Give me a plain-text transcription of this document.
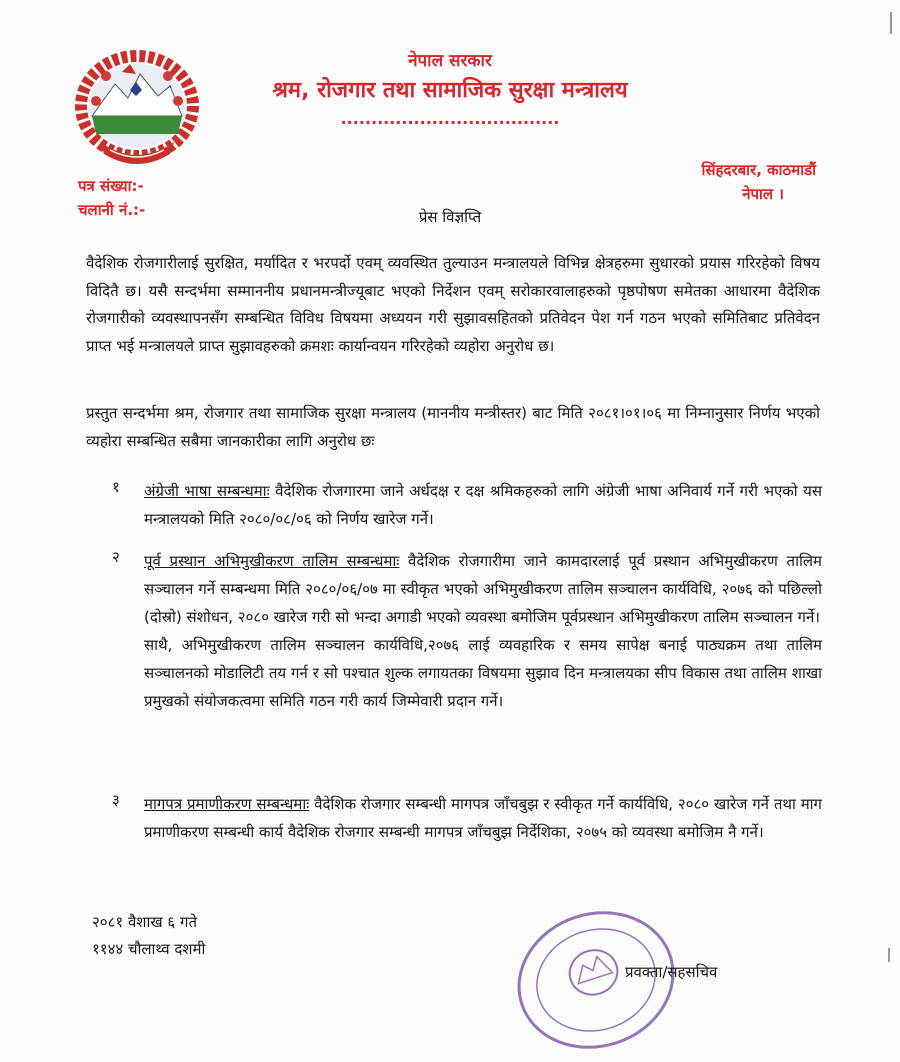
नेपाल सरकार
श्रम, रोजगार तथा सामाजिक सुरक्षा मन्त्रालय
....................................
पत्र संख्या:-
चलानी नं.:-
सिंहदरबार, काठमाडौं
नेपाल ।
प्रेस विज्ञप्ति
वैदेशिक रोजगारीलाई सुरक्षित, मर्यादित र भरपर्दो एवम् व्यवस्थित तुल्याउन मन्त्रालयले विभिन्न क्षेत्रहरुमा सुधारको प्रयास गरिरहेको विषय विदितै छ। यसै सन्दर्भमा सम्माननीय प्रधानमन्त्रीज्यूबाट भएको निर्देशन एवम् सरोकारवालाहरुको पृष्ठपोषण समेतका आधारमा वैदेशिक रोजगारीको व्यवस्थापनसँग सम्बन्धित विविध विषयमा अध्ययन गरी सुझावसहितको प्रतिवेदन पेश गर्न गठन भएको समितिबाट प्रतिवेदन प्राप्त भई मन्त्रालयले प्राप्त सुझावहरुको क्रमशः कार्यान्वयन गरिरहेको व्यहोरा अनुरोध छ।
प्रस्तुत सन्दर्भमा श्रम, रोजगार तथा सामाजिक सुरक्षा मन्त्रालय (माननीय मन्त्रीस्तर) बाट मिति २०८१।०१।०६ मा निम्नानुसार निर्णय भएको व्यहोरा सम्बन्धित सबैमा जानकारीका लागि अनुरोध छः
१ अंग्रेजी भाषा सम्बन्धमाः वैदेशिक रोजगारमा जाने अर्धदक्ष र दक्ष श्रमिकहरुको लागि अंग्रेजी भाषा अनिवार्य गर्ने गरी भएको यस मन्त्रालयको मिति २०८०/०८/०६ को निर्णय खारेज गर्ने।
२ पूर्व प्रस्थान अभिमुखीकरण तालिम सम्बन्धमाः वैदेशिक रोजगारीमा जाने कामदारलाई पूर्व प्रस्थान अभिमुखीकरण तालिम सञ्चालन गर्ने सम्बन्धमा मिति २०८०/०६/०७ मा स्वीकृत भएको अभिमुखीकरण तालिम सञ्चालन कार्यविधि, २०७६ को पछिल्लो (दोस्रो) संशोधन, २०८० खारेज गरी सो भन्दा अगाडी भएको व्यवस्था बमोजिम पूर्वप्रस्थान अभिमुखीकरण तालिम सञ्चालन गर्ने।
साथै, अभिमुखीकरण तालिम सञ्चालन कार्यविधि,२०७६ लाई व्यवहारिक र समय सापेक्ष बनाई पाठ्यक्रम तथा तालिम सञ्चालनको मोडालिटी तय गर्न र सो पश्चात शुल्क लगायतका विषयमा सुझाव दिन मन्त्रालयका सीप विकास तथा तालिम शाखा प्रमुखको संयोजकत्वमा समिति गठन गरी कार्य जिम्मेवारी प्रदान गर्ने।
३ मागपत्र प्रमाणीकरण सम्बन्धमाः वैदेशिक रोजगार सम्बन्धी मागपत्र जाँचबुझ र स्वीकृत गर्ने कार्यविधि, २०८० खारेज गर्ने तथा माग प्रमाणीकरण सम्बन्धी कार्य वैदेशिक रोजगार सम्बन्धी मागपत्र जाँचबुझ निर्देशिका, २०७५ को व्यवस्था बमोजिम नै गर्ने।
२०८१ वैशाख ६ गते
११४४ चौलाथ्व दशमी
प्रवक्ता/सहसचिव
